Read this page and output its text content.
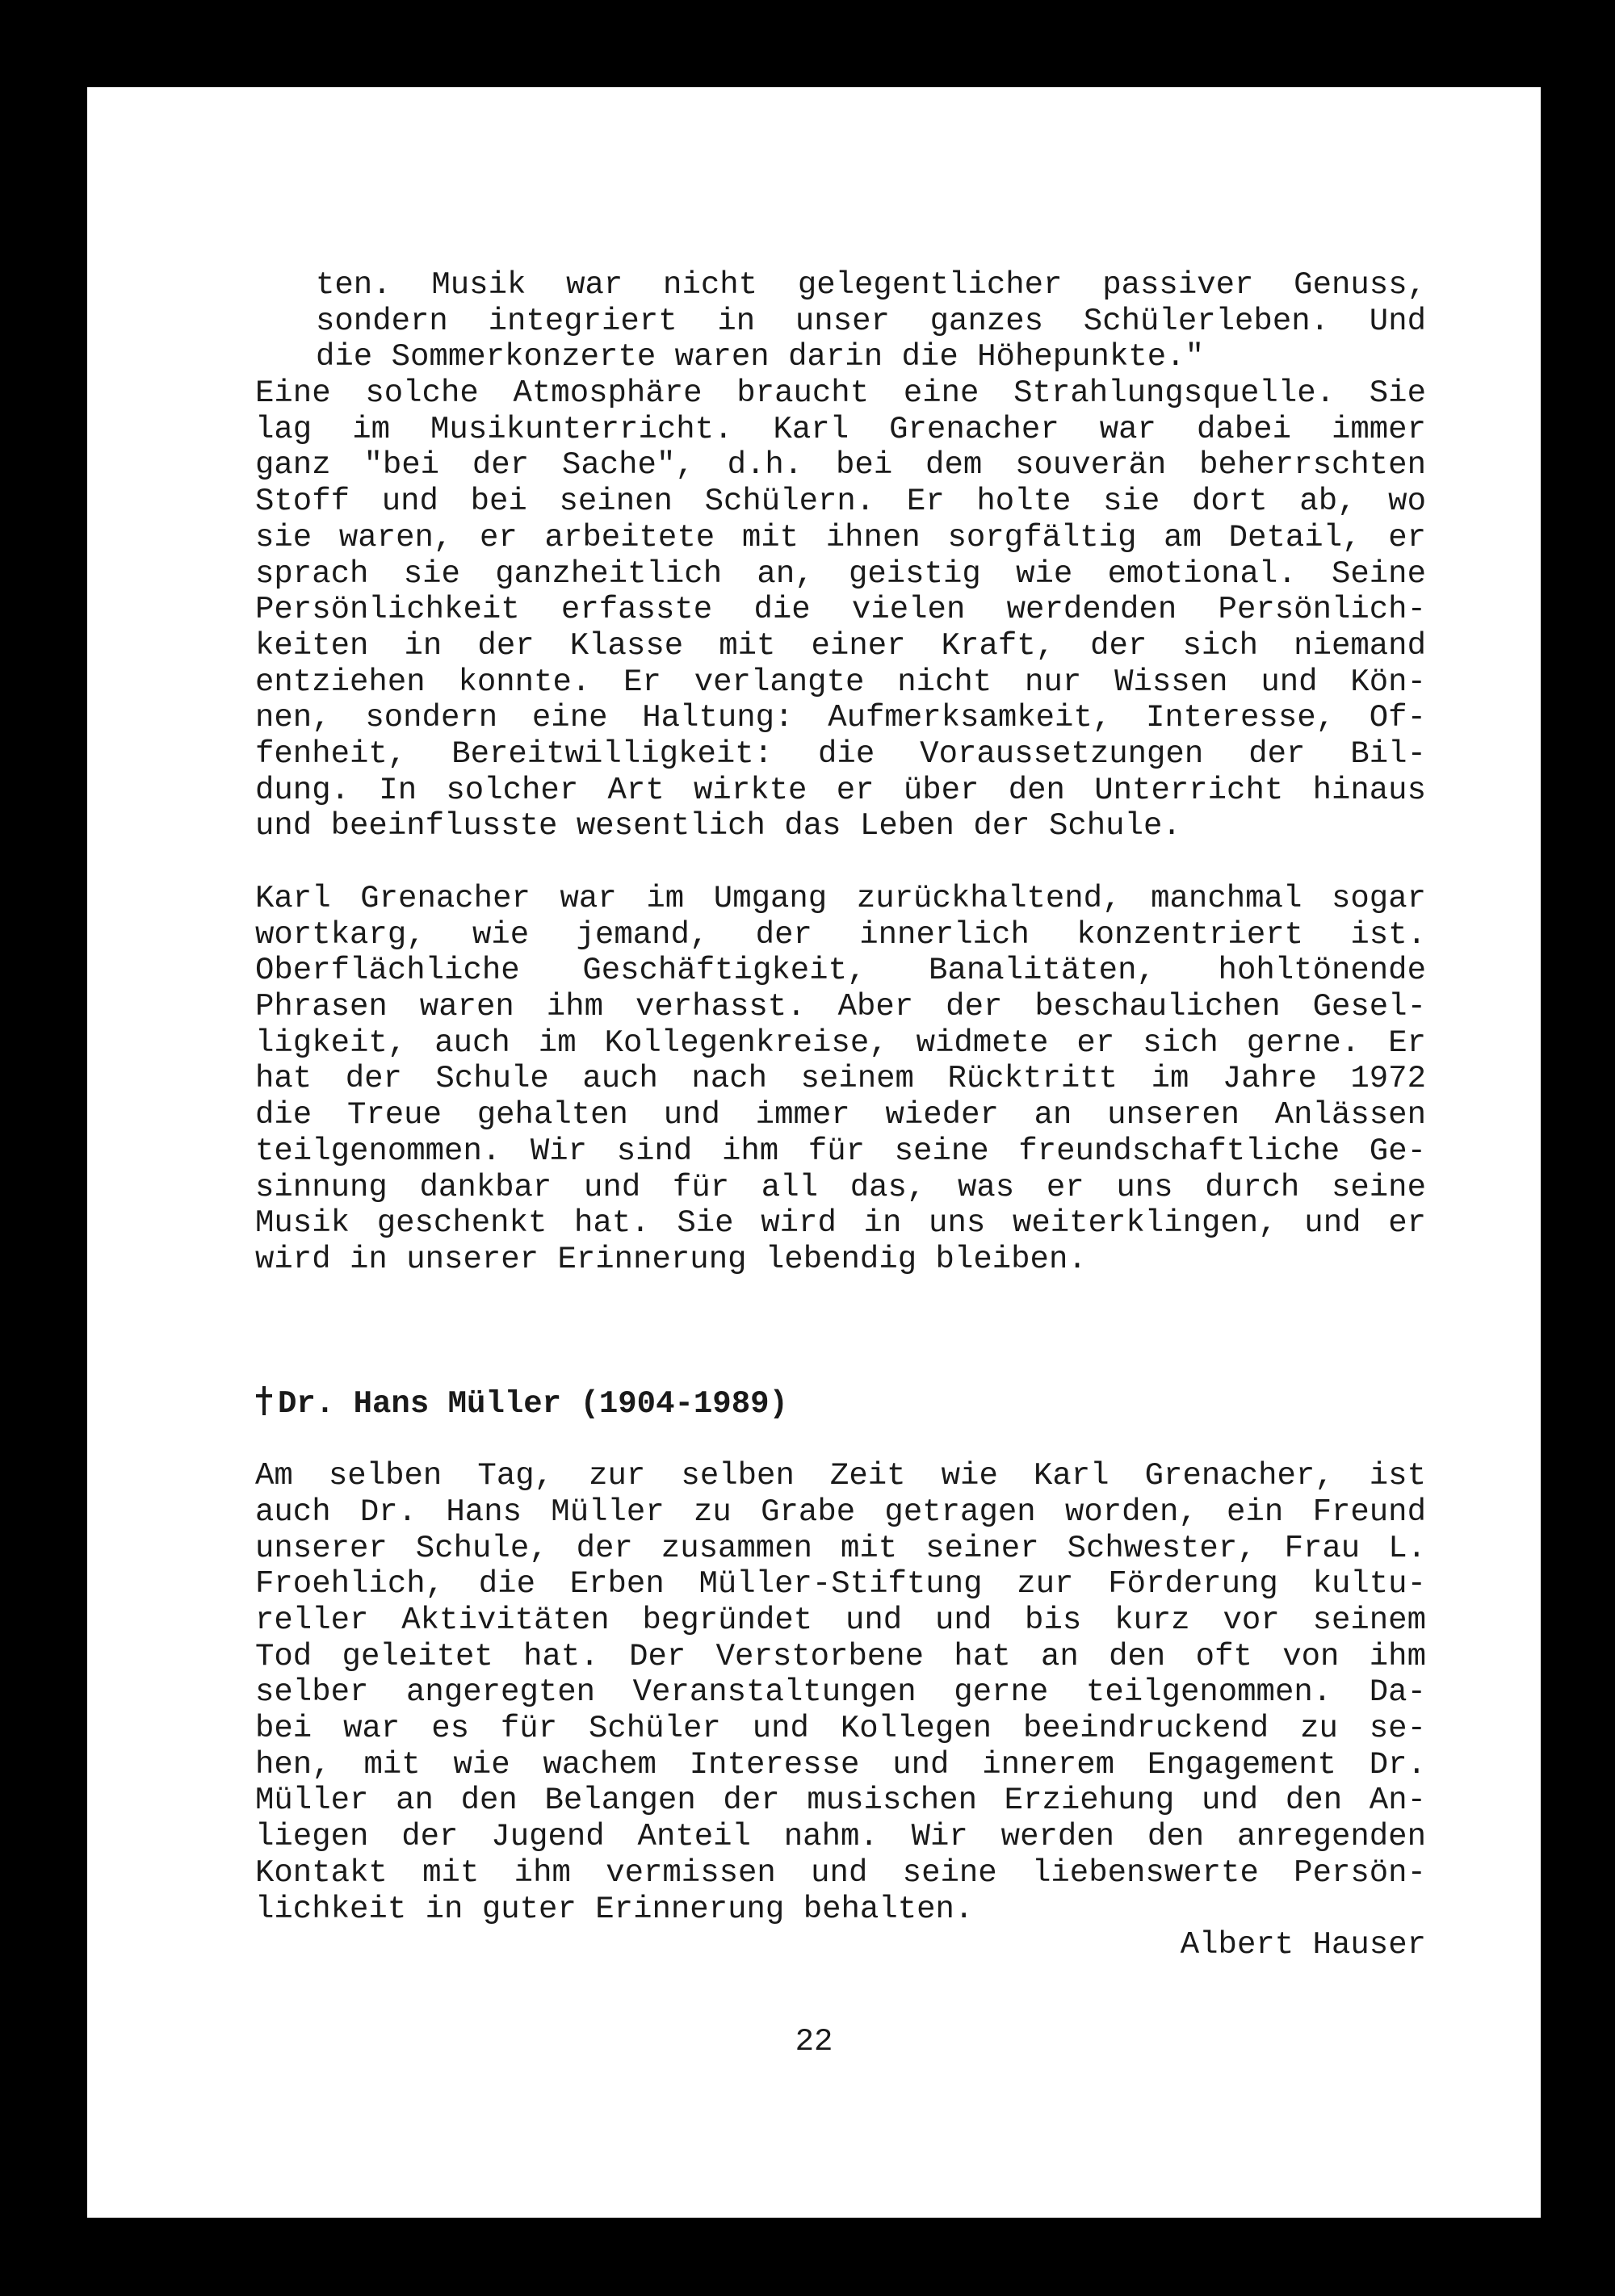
ten. Musik war nicht gelegentlicher passiver Genuss,
sondern integriert in unser ganzes Schülerleben. Und
die Sommerkonzerte waren darin die Höhepunkte."
Eine solche Atmosphäre braucht eine Strahlungsquelle. Sie
lag im Musikunterricht. Karl Grenacher war dabei immer
ganz "bei der Sache", d.h. bei dem souverän beherrschten
Stoff und bei seinen Schülern. Er holte sie dort ab, wo
sie waren, er arbeitete mit ihnen sorgfältig am Detail, er
sprach sie ganzheitlich an, geistig wie emotional. Seine
Persönlichkeit erfasste die vielen werdenden Persönlich-
keiten in der Klasse mit einer Kraft, der sich niemand
entziehen konnte. Er verlangte nicht nur Wissen und Kön-
nen, sondern eine Haltung: Aufmerksamkeit, Interesse, Of-
fenheit, Bereitwilligkeit: die Voraussetzungen der Bil-
dung. In solcher Art wirkte er über den Unterricht hinaus
und beeinflusste wesentlich das Leben der Schule.
Karl Grenacher war im Umgang zurückhaltend, manchmal sogar
wortkarg, wie jemand, der innerlich konzentriert ist.
Oberflächliche Geschäftigkeit, Banalitäten, hohltönende
Phrasen waren ihm verhasst. Aber der beschaulichen Gesel-
ligkeit, auch im Kollegenkreise, widmete er sich gerne. Er
hat der Schule auch nach seinem Rücktritt im Jahre 1972
die Treue gehalten und immer wieder an unseren Anlässen
teilgenommen. Wir sind ihm für seine freundschaftliche Ge-
sinnung dankbar und für all das, was er uns durch seine
Musik geschenkt hat. Sie wird in uns weiterklingen, und er
wird in unserer Erinnerung lebendig bleiben.
Dr. Hans Müller (1904-1989)
Am selben Tag, zur selben Zeit wie Karl Grenacher, ist
auch Dr. Hans Müller zu Grabe getragen worden, ein Freund
unserer Schule, der zusammen mit seiner Schwester, Frau L.
Froehlich, die Erben Müller-Stiftung zur Förderung kultu-
reller Aktivitäten begründet und und bis kurz vor seinem
Tod geleitet hat. Der Verstorbene hat an den oft von ihm
selber angeregten Veranstaltungen gerne teilgenommen. Da-
bei war es für Schüler und Kollegen beeindruckend zu se-
hen, mit wie wachem Interesse und innerem Engagement Dr.
Müller an den Belangen der musischen Erziehung und den An-
liegen der Jugend Anteil nahm. Wir werden den anregenden
Kontakt mit ihm vermissen und seine liebenswerte Persön-
lichkeit in guter Erinnerung behalten.
Albert Hauser
22
